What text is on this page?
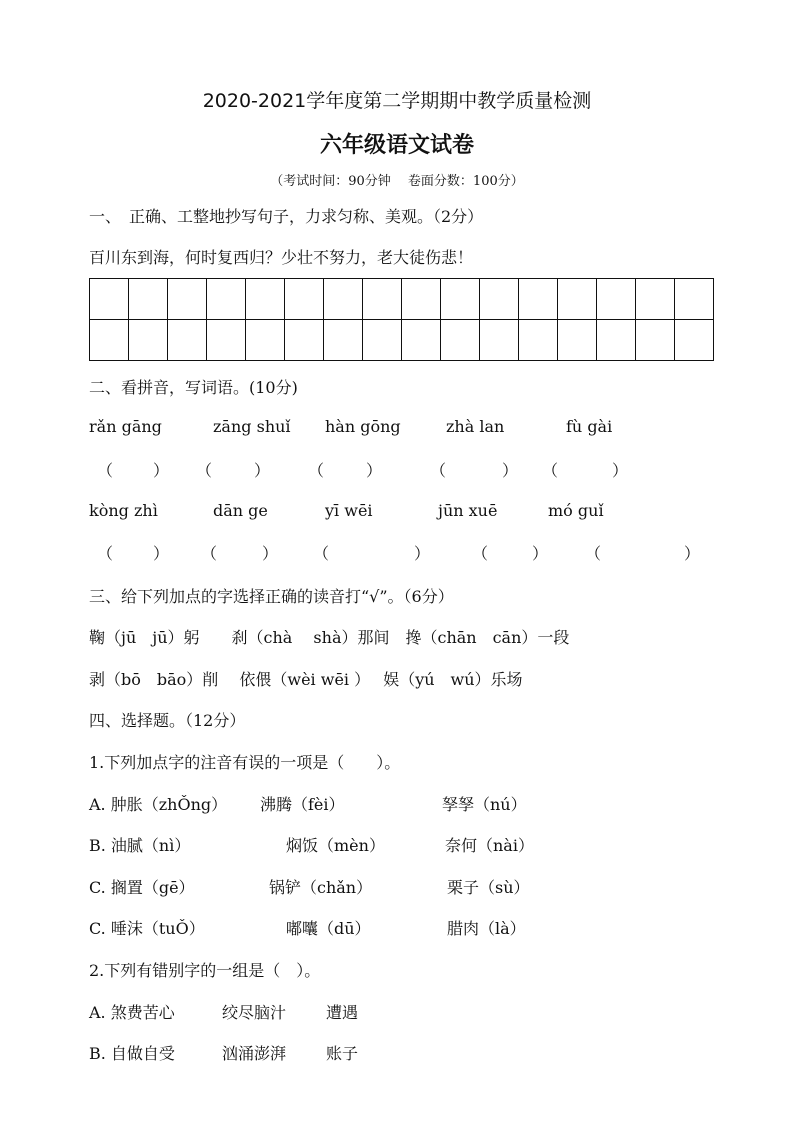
2020-2021学年度第二学期期中教学质量检测
六年级语文试卷
（考试时间：90分钟　 卷面分数：100分）
一、　正确、工整地抄写句子，力求匀称、美观。（2分）
百川东到海，何时复西归？少壮不努力，老大徒伤悲！

二、看拼音，写词语。(10分)
rǎn gāng	zāng shuǐ hàn gōng	zhà lan	fù gài
（ ） （	） （	）	（	） （	）
kòng zhì	dān ge	yī wēi	jūn xuē	mó guǐ
（ ） （	） （	）	（	） （	）
三、给下列加点的字选择正确的读音打“√”。（6分）
鞠（jū　jū）躬　　刹（chà　 shà）那间　搀（chān　cān）一段
剥（bō　bāo）削　 依偎（wèi wēi ）　 娱（yú　wú）乐场
四、选择题。（12分）
1.下列加点字的注音有误的一项是（　　）。
A. 肿胀（zhǑng） 沸腾（fèi）	孥孥（nú）
B. 油腻（nì）	焖饭（mèn）	奈何（nài）
C. 搁置（gē）	锅铲（chǎn）	栗子（sù）
C. 唾沫（tuǑ）	嘟囔（dū）	腊肉（là）
2.下列有错别字的一组是（　）。
A. 煞费苦心	绞尽脑汁 遭遇
B. 自做自受	汹涌澎湃 账子
